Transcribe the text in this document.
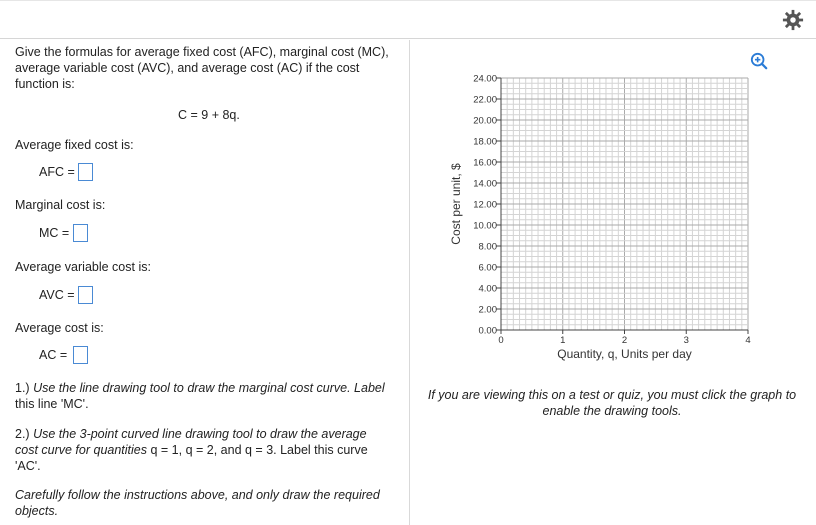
Give the formulas for average fixed cost (AFC), marginal cost (MC), average variable cost (AVC), and average cost (AC) if the cost function is:
C = 9 + 8q.
Average fixed cost is:
AFC =
Marginal cost is:
MC =
Average variable cost is:
AVC =
Average cost is:
AC =
1.) Use the line drawing tool to draw the marginal cost curve. Label this line 'MC'.
2.) Use the 3-point curved line drawing tool to draw the average cost curve for quantities q = 1, q = 2, and q = 3. Label this curve 'AC'.
Carefully follow the instructions above, and only draw the required objects.
0.00
2.00
4.00
6.00
8.00
10.00
12.00
14.00
16.00
18.00
20.00
22.00
24.00
0	1	2	3	4
Cost per unit, $
Quantity, q, Units per day
If you are viewing this on a test or quiz, you must click the graph to enable the drawing tools.
